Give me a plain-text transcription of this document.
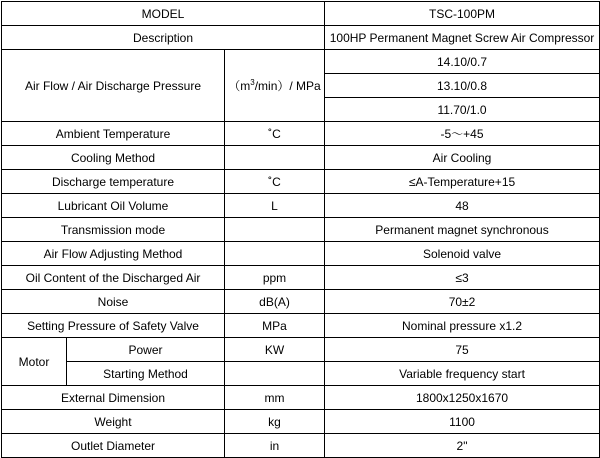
MODEL			TSC-100PM
Description			100HP Permanent Magnet Screw Air Compressor
Air Flow / Air Discharge Pressure		$(m^3/\min)/$ MPa	14.10/0.7
			13.10/0.8
			11.70/1.0
Ambient Temperature		˚C	-5～+45
Cooling Method			Air Cooling
Discharge temperature		˚C	≤A-Temperature+15
Lubricant Oil Volume		L	48
Transmission mode			Permanent magnet synchronous
Air Flow Adjusting Method			Solenoid valve
Oil Content of the Discharged Air		ppm	≤3
Noise		dB(A)	70±2
Setting Pressure of Safety Valve		MPa	Nominal pressure x1.2
Motor	Power	KW	75
	Starting Method		Variable frequency start
External Dimension		mm	1800x1250x1670
Weight		kg	1100
Outlet Diameter		in	2"
